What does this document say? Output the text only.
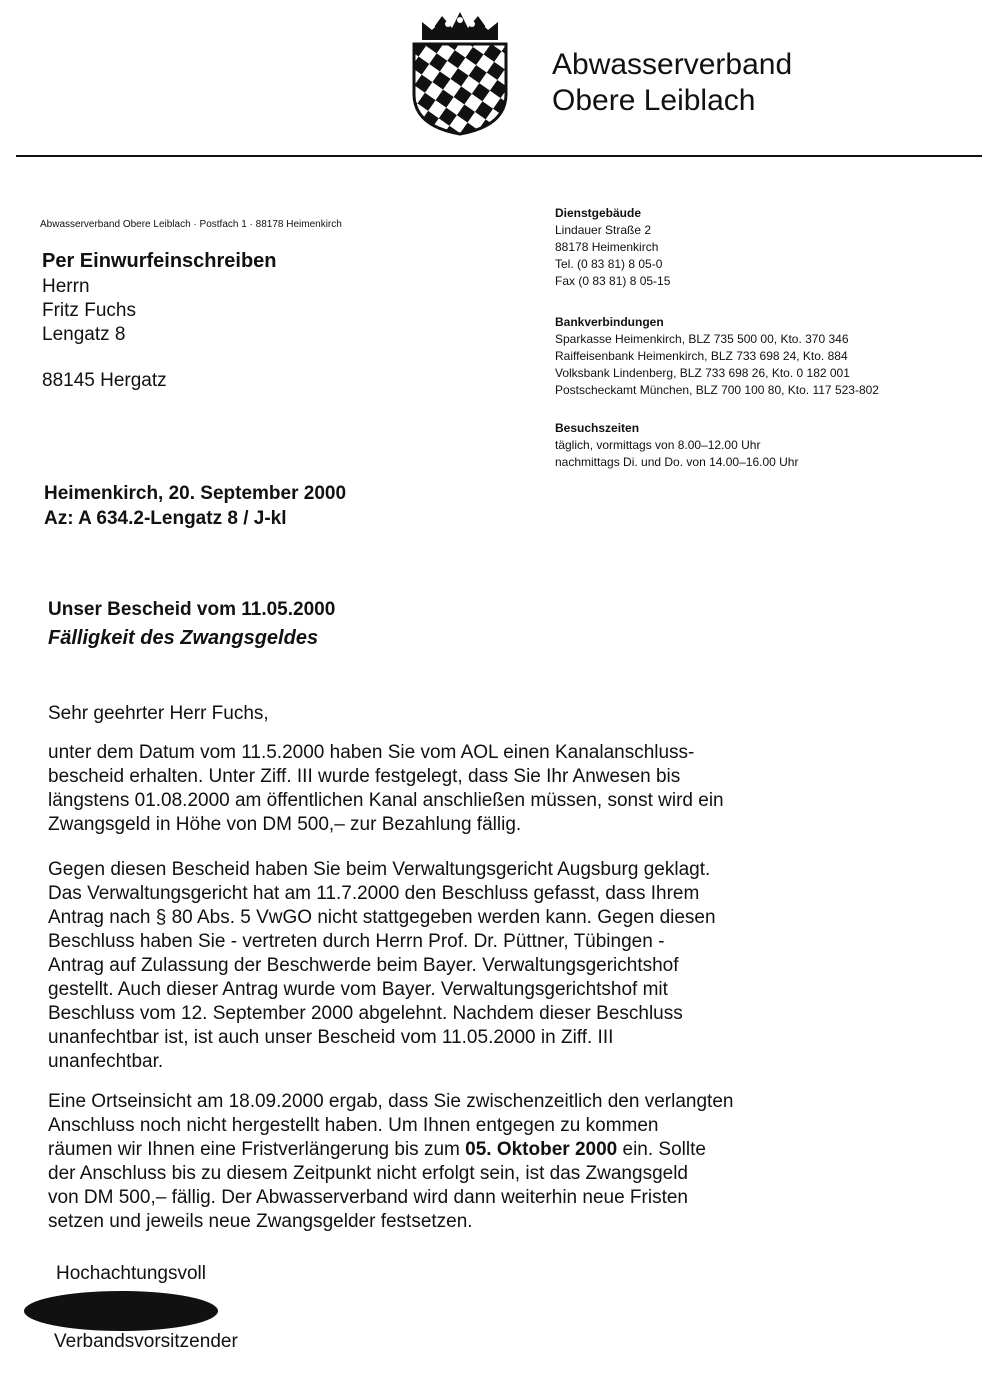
Abwasserverband
Obere Leiblach
Abwasserverband Obere Leiblach · Postfach 1 · 88178 Heimenkirch
Per Einwurfeinschreiben
Herrn
Fritz Fuchs
Lengatz 8
88145 Hergatz
Dienstgebäude
Lindauer Straße 2
88178 Heimenkirch
Tel. (0 83 81) 8 05-0
Fax (0 83 81) 8 05-15
Bankverbindungen
Sparkasse Heimenkirch, BLZ 735 500 00, Kto. 370 346
Raiffeisenbank Heimenkirch, BLZ 733 698 24, Kto. 884
Volksbank Lindenberg, BLZ 733 698 26, Kto. 0 182 001
Postscheckamt München, BLZ 700 100 80, Kto. 117 523-802
Besuchszeiten
täglich, vormittags von 8.00–12.00 Uhr
nachmittags Di. und Do. von 14.00–16.00 Uhr
Heimenkirch, 20. September 2000
Az: A 634.2-Lengatz 8 / J-kl
Unser Bescheid vom 11.05.2000
Fälligkeit des Zwangsgeldes
Sehr geehrter Herr Fuchs,
unter dem Datum vom 11.5.2000 haben Sie vom AOL einen Kanalanschluss-
bescheid erhalten. Unter Ziff. III wurde festgelegt, dass Sie Ihr Anwesen bis
längstens 01.08.2000 am öffentlichen Kanal anschließen müssen, sonst wird ein
Zwangsgeld in Höhe von DM 500,– zur Bezahlung fällig.
Gegen diesen Bescheid haben Sie beim Verwaltungsgericht Augsburg geklagt.
Das Verwaltungsgericht hat am 11.7.2000 den Beschluss gefasst, dass Ihrem
Antrag nach § 80 Abs. 5 VwGO nicht stattgegeben werden kann. Gegen diesen
Beschluss haben Sie - vertreten durch Herrn Prof. Dr. Püttner, Tübingen -
Antrag auf Zulassung der Beschwerde beim Bayer. Verwaltungsgerichtshof
gestellt. Auch dieser Antrag wurde vom Bayer. Verwaltungsgerichtshof mit
Beschluss vom 12. September 2000 abgelehnt. Nachdem dieser Beschluss
unanfechtbar ist, ist auch unser Bescheid vom 11.05.2000 in Ziff. III
unanfechtbar.
Eine Ortseinsicht am 18.09.2000 ergab, dass Sie zwischenzeitlich den verlangten
Anschluss noch nicht hergestellt haben. Um Ihnen entgegen zu kommen
räumen wir Ihnen eine Fristverlängerung bis zum 05. Oktober 2000 ein. Sollte
der Anschluss bis zu diesem Zeitpunkt nicht erfolgt sein, ist das Zwangsgeld
von DM 500,– fällig. Der Abwasserverband wird dann weiterhin neue Fristen
setzen und jeweils neue Zwangsgelder festsetzen.
Hochachtungsvoll
J
Verbandsvorsitzender
